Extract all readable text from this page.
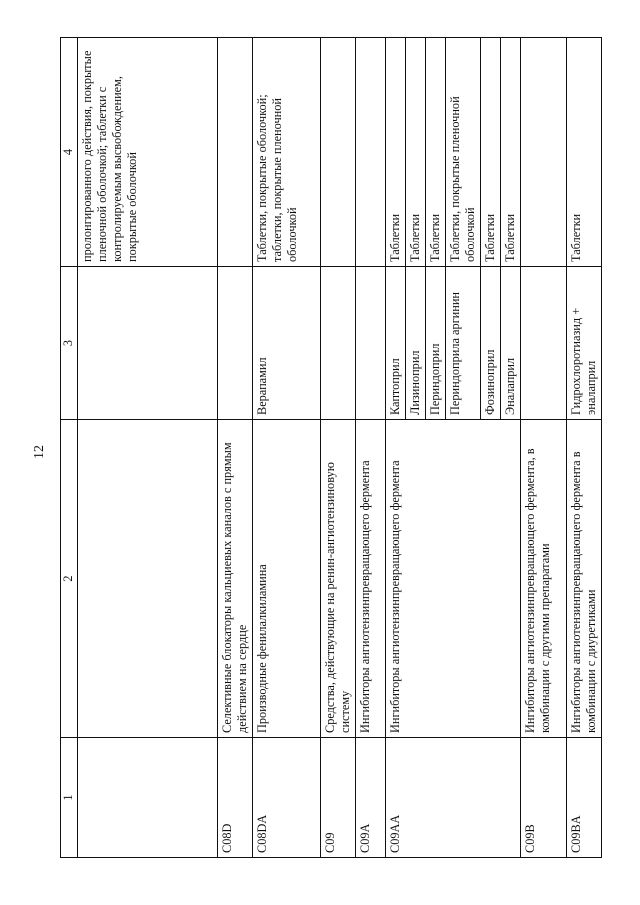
12
1	2	3	4
			пролонгированного действия, покрытые пленочной оболочкой; таблетки с контролируемым высвобождением, покрытые оболочкой
C08D	Селективные блокаторы кальциевых каналов с прямым действием на сердце		
C08DA	Производные фенилалкиламина	Верапамил	Таблетки, покрытые оболочкой; таблетки, покрытые пленочной оболочкой
C09	Средства, действующие на ренин-ангиотензиновую систему		
C09A	Ингибиторы ангиотензинпревращающего фермента		
C09AA	Ингибиторы ангиотензинпревращающего фермента	Каптоприл	Таблетки
		Лизиноприл	Таблетки
		Периндоприл	Таблетки
		Периндоприла аргинин	Таблетки, покрытые пленочной оболочкой
		Фозиноприл	Таблетки
		Эналаприл	Таблетки
C09B	Ингибиторы ангиотензинпревращающего фермента, в комбинации с другими препаратами		
C09BA	Ингибиторы ангиотензинпревращающего фермента в комбинации с диуретиками	Гидрохлоротиазид + эналаприл	Таблетки
